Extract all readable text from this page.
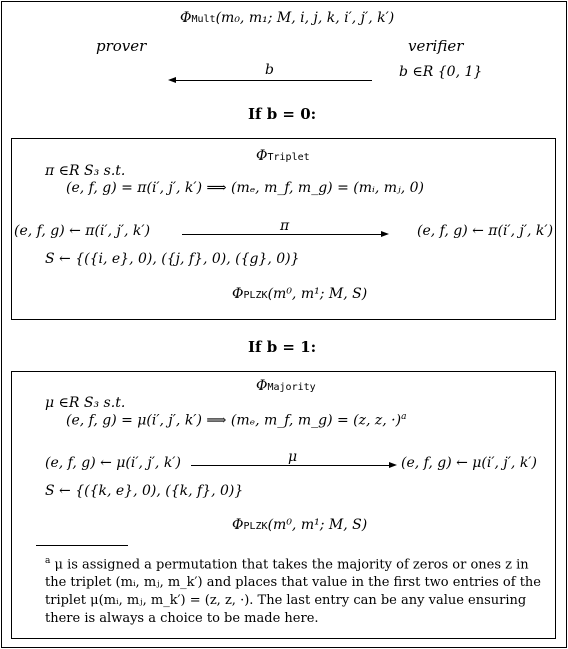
ΦMult(m₀, m₁; M, i, j, k, i′, j′, k′)
prover	verifier
b	b ∈R {0, 1}
If b = 0:
ΦTriplet
π ∈R S₃ s.t.
(e, f, g) = π(i′, j′, k′) ⟹ (mₑ, m_f, m_g) = (mᵢ, mⱼ, 0)
(e, f, g) ← π(i′, j′, k′)	π	(e, f, g) ← π(i′, j′, k′)
S ← {({i, e}, 0), ({j, f}, 0), ({g}, 0)}
ΦPLZK(m⁰, m¹; M, S)
If b = 1:
ΦMajority
μ ∈R S₃ s.t.
(e, f, g) = μ(i′, j′, k′) ⟹ (mₑ, m_f, m_g) = (z, z, ·)$^a$
(e, f, g) ← μ(i′, j′, k′)	μ	(e, f, g) ← μ(i′, j′, k′)
S ← {({k, e}, 0), ({k, f}, 0)}
ΦPLZK(m⁰, m¹; M, S)
$^a$ μ is assigned a permutation that takes the majority of zeros or ones z in the triplet (mᵢ, mⱼ, m_k′) and places that value in the first two entries of the triplet μ(mᵢ, mⱼ, m_k′) = (z, z, ·). The last entry can be any value ensuring there is always a choice to be made here.
